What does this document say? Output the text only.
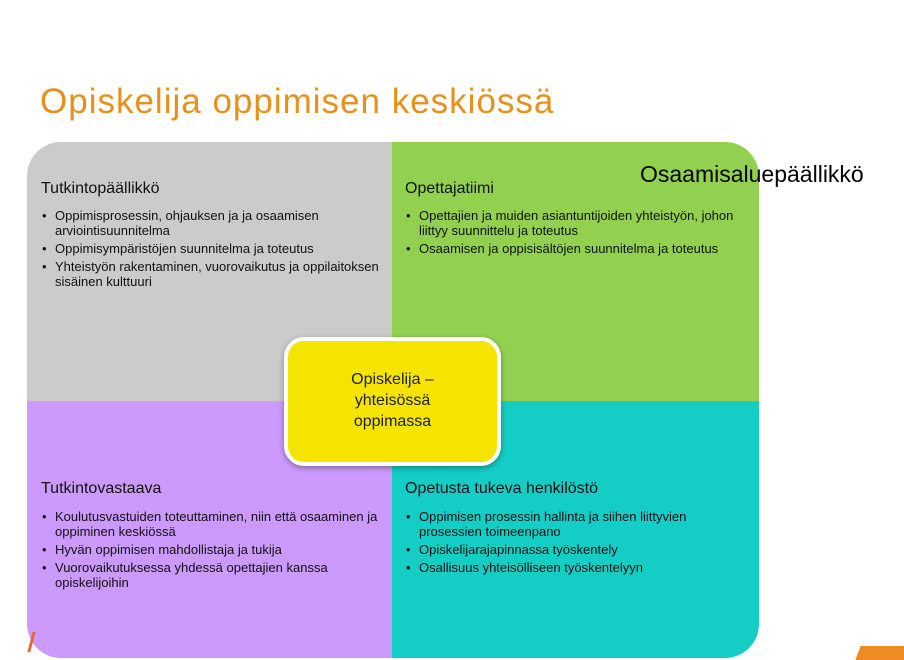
Opiskelija oppimisen keskiössä
Tutkintopäällikkö
• Oppimisprosessin, ohjauksen ja ja osaamisen arviointisuunnitelma
• Oppimisympäristöjen suunnitelma ja toteutus
• Yhteistyön rakentaminen, vuorovaikutus ja oppilaitoksen sisäinen kulttuuri
Opettajatiimi
• Opettajien ja muiden asiantuntijoiden yhteistyön, johon liittyy suunnittelu ja toteutus
• Osaamisen ja oppisisältöjen suunnitelma ja toteutus
Tutkintovastaava
• Koulutusvastuiden toteuttaminen, niin että osaaminen ja oppiminen keskiössä
• Hyvän oppimisen mahdollistaja ja tukija
• Vuorovaikutuksessa yhdessä opettajien kanssa opiskelijoihin
Opetusta tukeva henkilöstö
• Oppimisen prosessin hallinta ja siihen liittyvien prosessien toimeenpano
• Opiskelijarajapinnassa työskentely
• Osallisuus yhteisölliseen työskentelyyn
Opiskelija – yhteisössä oppimassa
Osaamisaluepäällikkö
